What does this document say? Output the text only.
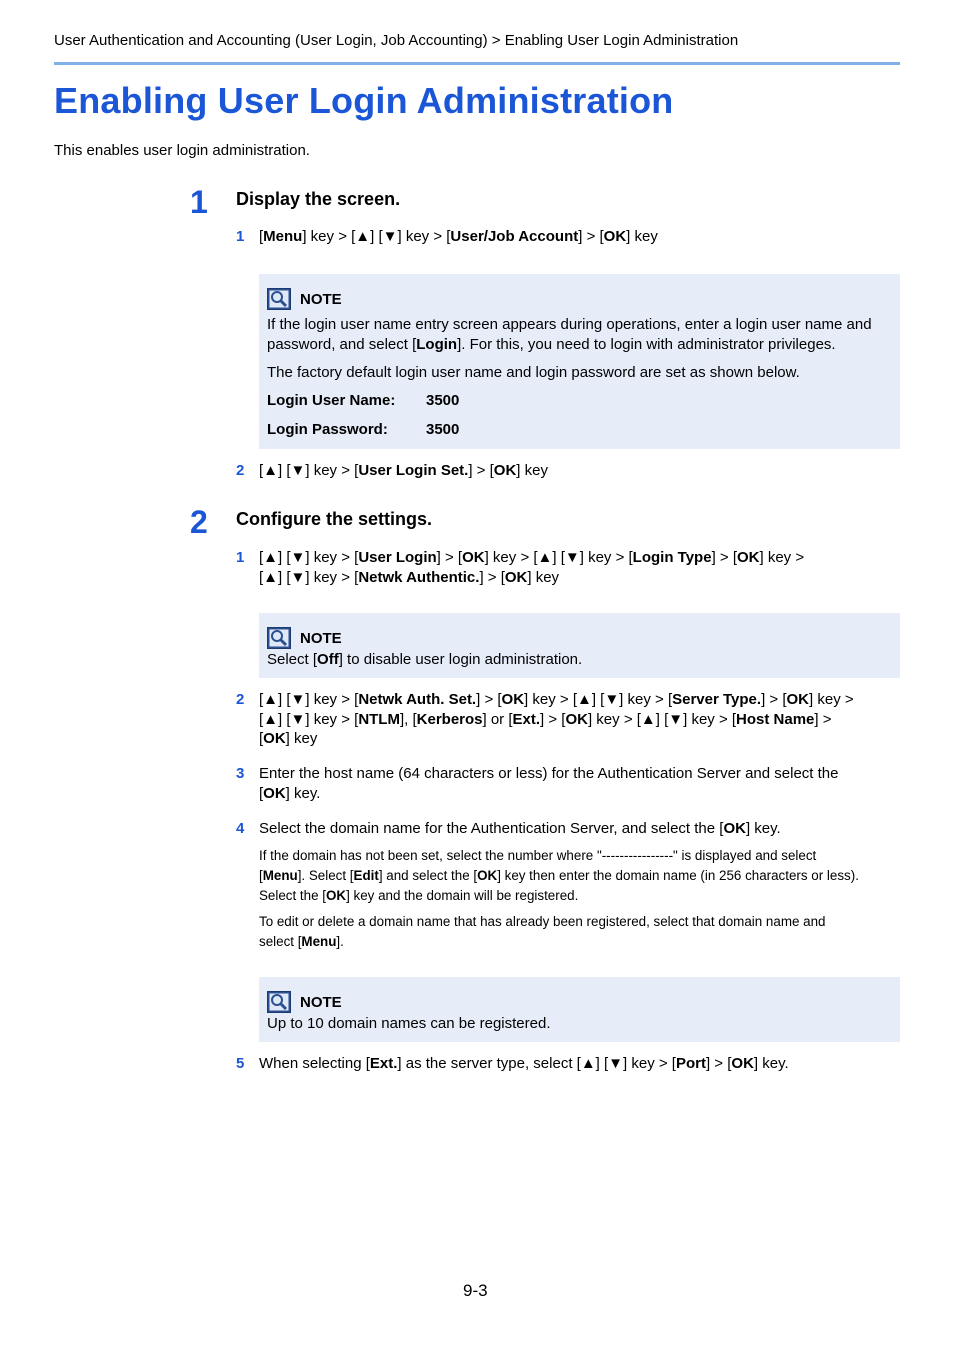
User Authentication and Accounting (User Login, Job Accounting) > Enabling User Login Administration
Enabling User Login Administration
This enables user login administration.
1 Display the screen.
1 [Menu] key > [▲] [▼] key > [User/Job Account] > [OK] key
NOTE
If the login user name entry screen appears during operations, enter a login user name and password, and select [Login]. For this, you need to login with administrator privileges.
The factory default login user name and login password are set as shown below.
Login User Name: 3500
Login Password:	3500
2 [▲] [▼] key > [User Login Set.] > [OK] key
2 Configure the settings.
1 [▲] [▼] key > [User Login] > [OK] key > [▲] [▼] key > [Login Type] > [OK] key >
[▲] [▼] key > [Netwk Authentic.] > [OK] key
NOTE
Select [Off] to disable user login administration.
2 [▲] [▼] key > [Netwk Auth. Set.] > [OK] key > [▲] [▼] key > [Server Type.] > [OK] key >
[▲] [▼] key > [NTLM], [Kerberos] or [Ext.] > [OK] key > [▲] [▼] key > [Host Name] >
[OK] key
3 Enter the host name (64 characters or less) for the Authentication Server and select the
[OK] key.
4 Select the domain name for the Authentication Server, and select the [OK] key.
If the domain has not been set, select the number where "----------------" is displayed and select
[Menu]. Select [Edit] and select the [OK] key then enter the domain name (in 256 characters or less).
Select the [OK] key and the domain will be registered.
To edit or delete a domain name that has already been registered, select that domain name and
select [Menu].
NOTE
Up to 10 domain names can be registered.
5 When selecting [Ext.] as the server type, select [▲] [▼] key > [Port] > [OK] key.
9-3
